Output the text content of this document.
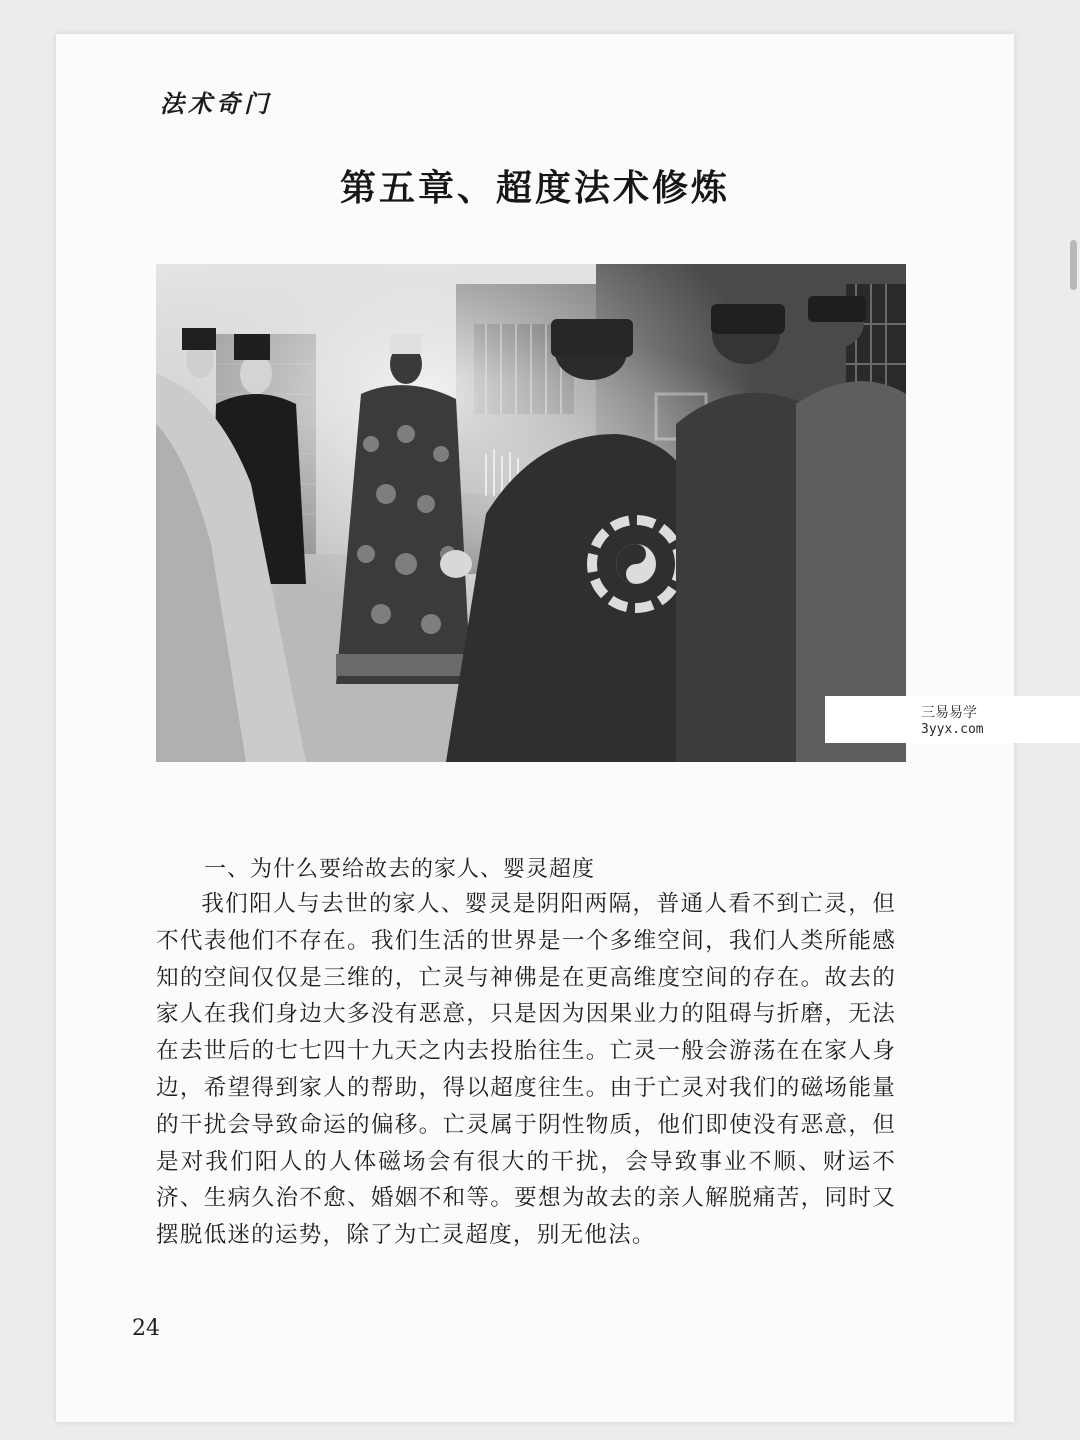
法术奇门
第五章、超度法术修炼
一、为什么要给故去的家人、婴灵超度

我们阳人与去世的家人、婴灵是阴阳两隔，普通人看不到亡灵，但不代表他们不存在。我们生活的世界是一个多维空间，我们人类所能感知的空间仅仅是三维的，亡灵与神佛是在更高维度空间的存在。故去的家人在我们身边大多没有恶意，只是因为因果业力的阻碍与折磨，无法在去世后的七七四十九天之内去投胎往生。亡灵一般会游荡在在家人身边，希望得到家人的帮助，得以超度往生。由于亡灵对我们的磁场能量的干扰会导致命运的偏移。亡灵属于阴性物质，他们即使没有恶意，但是对我们阳人的人体磁场会有很大的干扰，会导致事业不顺、财运不济、生病久治不愈、婚姻不和等。要想为故去的亲人解脱痛苦，同时又摆脱低迷的运势，除了为亡灵超度，别无他法。

24
三易易学
3yyx.com
